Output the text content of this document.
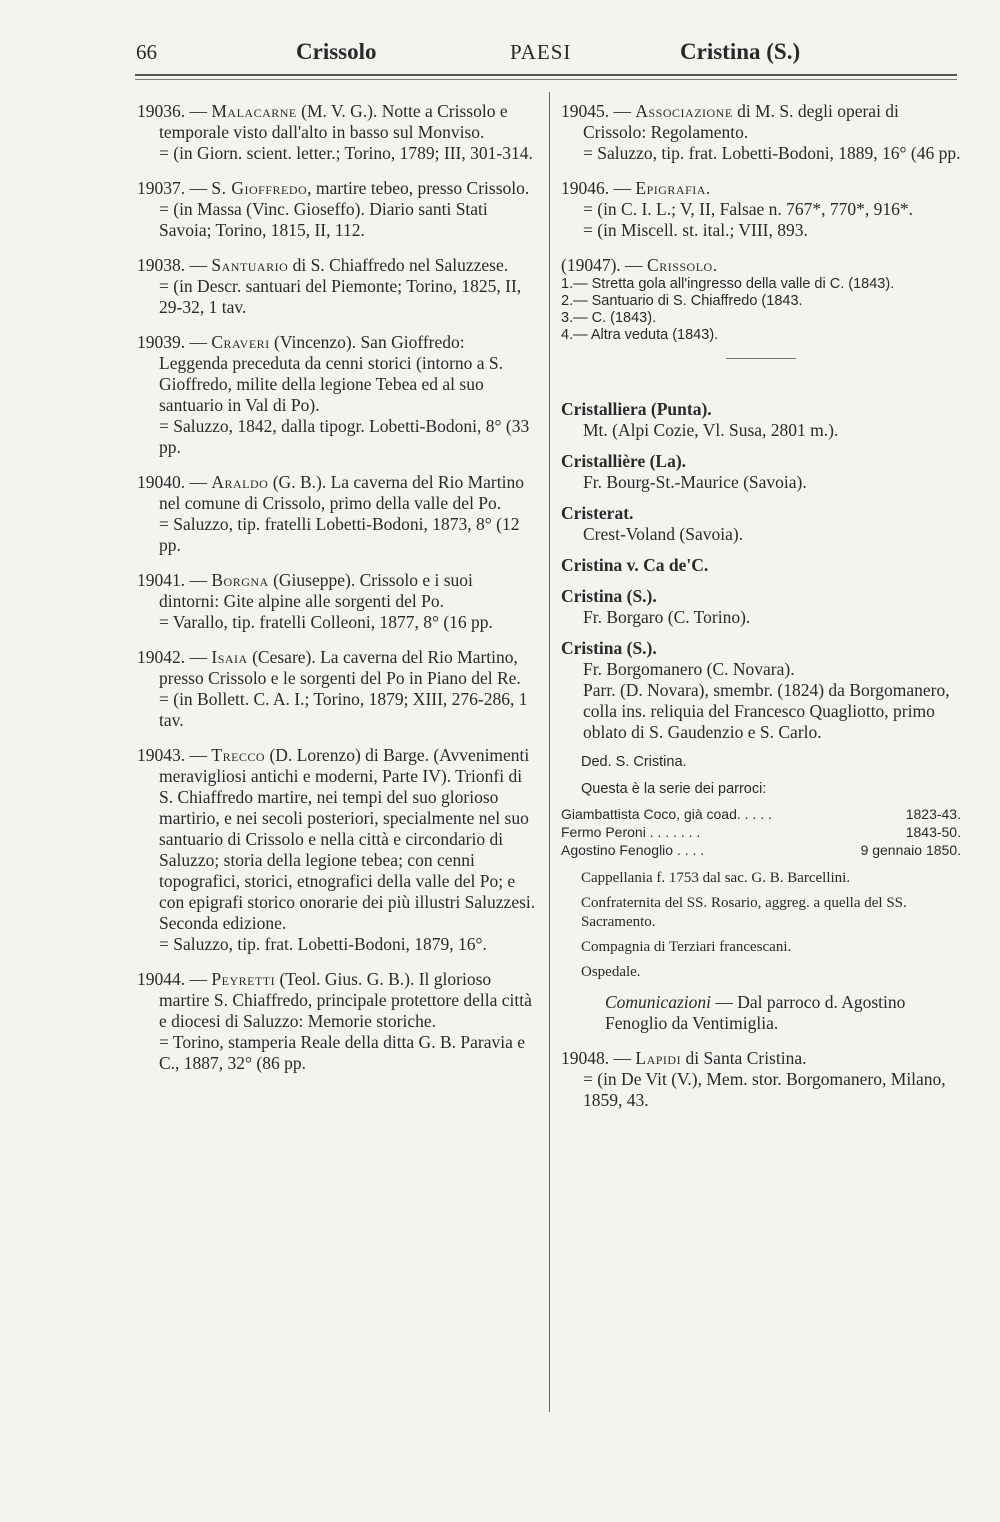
66	Crissolo	PAESI	Cristina (S.)

19036. — Malacarne (M. V. G.). Notte a Crissolo e temporale visto dall'alto in basso sul Monviso.

= (in Giorn. scient. letter.; Torino, 1789; III, 301-314.

19037. — S. Gioffredo, martire tebeo, presso Crissolo.

= (in Massa (Vinc. Gioseffo). Diario santi Stati Savoia; Torino, 1815, II, 112.

19038. — Santuario di S. Chiaffredo nel Saluzzese.

= (in Descr. santuari del Piemonte; Torino, 1825, II, 29-32, 1 tav.

19039. — Craveri (Vincenzo). San Gioffredo: Leggenda preceduta da cenni storici (intorno a S. Gioffredo, milite della legione Tebea ed al suo santuario in Val di Po).

= Saluzzo, 1842, dalla tipogr. Lobetti-Bodoni, 8° (33 pp.

19040. — Araldo (G. B.). La caverna del Rio Martino nel comune di Crissolo, primo della valle del Po.

= Saluzzo, tip. fratelli Lobetti-Bodoni, 1873, 8° (12 pp.

19041. — Borgna (Giuseppe). Crissolo e i suoi dintorni: Gite alpine alle sorgenti del Po.

= Varallo, tip. fratelli Colleoni, 1877, 8° (16 pp.

19042. — Isaia (Cesare). La caverna del Rio Martino, presso Crissolo e le sorgenti del Po in Piano del Re.

= (in Bollett. C. A. I.; Torino, 1879; XIII, 276-286, 1 tav.

19043. — Trecco (D. Lorenzo) di Barge. (Avvenimenti meravigliosi antichi e moderni, Parte IV). Trionfi di S. Chiaffredo martire, nei tempi del suo glorioso martirio, e nei secoli posteriori, specialmente nel suo santuario di Crissolo e nella città e circondario di Saluzzo; storia della legione tebea; con cenni topografici, storici, etnografici della valle del Po; e con epigrafi storico onorarie dei più illustri Saluzzesi. Seconda edizione.

= Saluzzo, tip. frat. Lobetti-Bodoni, 1879, 16°.

19044. — Peyretti (Teol. Gius. G. B.). Il glorioso martire S. Chiaffredo, principale protettore della città e diocesi di Saluzzo: Memorie storiche.

= Torino, stamperia Reale della ditta G. B. Paravia e C., 1887, 32° (86 pp.

19045. — Associazione di M. S. degli operai di Crissolo: Regolamento.

= Saluzzo, tip. frat. Lobetti-Bodoni, 1889, 16° (46 pp.

19046. — Epigrafia.

= (in C. I. L.; V, II, Falsae n. 767*, 770*, 916*.

= (in Miscell. st. ital.; VIII, 893.

(19047). — Crissolo.

1.— Stretta gola all'ingresso della valle di C. (1843).

2.— Santuario di S. Chiaffredo (1843.

3.— C. (1843).

4.— Altra veduta (1843).

Cristalliera (Punta).

Mt. (Alpi Cozie, Vl. Susa, 2801 m.).

Cristallière (La).

Fr. Bourg-St.-Maurice (Savoia).

Cristerat.

Crest-Voland (Savoia).

Cristina v. Ca de'C.

Cristina (S.).

Fr. Borgaro (C. Torino).

Cristina (S.).

Fr. Borgomanero (C. Novara).

Parr. (D. Novara), smembr. (1824) da Borgomanero, colla ins. reliquia del Francesco Quagliotto, primo oblato di S. Gaudenzio e S. Carlo.

Ded. S. Cristina.

Questa è la serie dei parroci:

Giambattista Coco, già coad. . . . .	1823-43.
Fermo Peroni . . . . . . .	1843-50.
Agostino Fenoglio . . . .	9 gennaio 1850.

Cappellania f. 1753 dal sac. G. B. Barcellini.

Confraternita del SS. Rosario, aggreg. a quella del SS. Sacramento.

Compagnia di Terziari francescani.

Ospedale.

Comunicazioni — Dal parroco d. Agostino Fenoglio da Ventimiglia.

19048. — Lapidi di Santa Cristina.

= (in De Vit (V.), Mem. stor. Borgomanero, Milano, 1859, 43.
